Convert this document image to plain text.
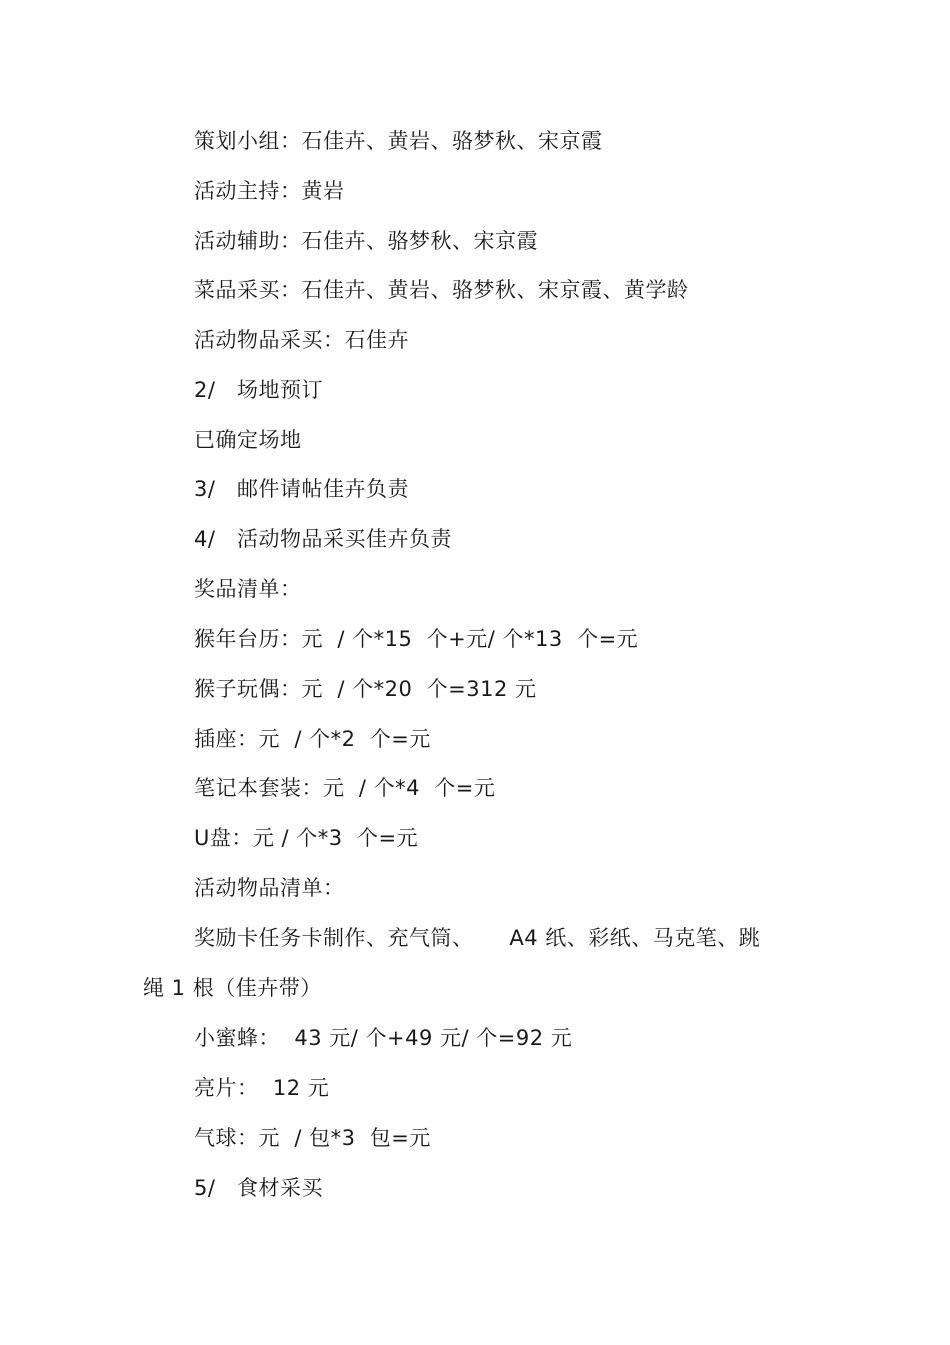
策划小组：石佳卉、黄岩、骆梦秋、宋京霞
活动主持：黄岩
活动辅助：石佳卉、骆梦秋、宋京霞
菜品采买：石佳卉、黄岩、骆梦秋、宋京霞、黄学龄
活动物品采买：石佳卉
2/   场地预订
已确定场地
3/   邮件请帖佳卉负责
4/   活动物品采买佳卉负责
奖品清单：
猴年台历：元  / 个*15  个+元/ 个*13  个=元
猴子玩偶：元  / 个*20  个=312 元
插座：元  / 个*2  个=元
笔记本套装：元  / 个*4  个=元
U盘：元 / 个*3  个=元
活动物品清单：
奖励卡任务卡制作、充气筒、     A4 纸、彩纸、马克笔、跳
绳 1 根（佳卉带）
小蜜蜂：  43 元/ 个+49 元/ 个=92 元
亮片：  12 元
气球：元  / 包*3  包=元
5/   食材采买
